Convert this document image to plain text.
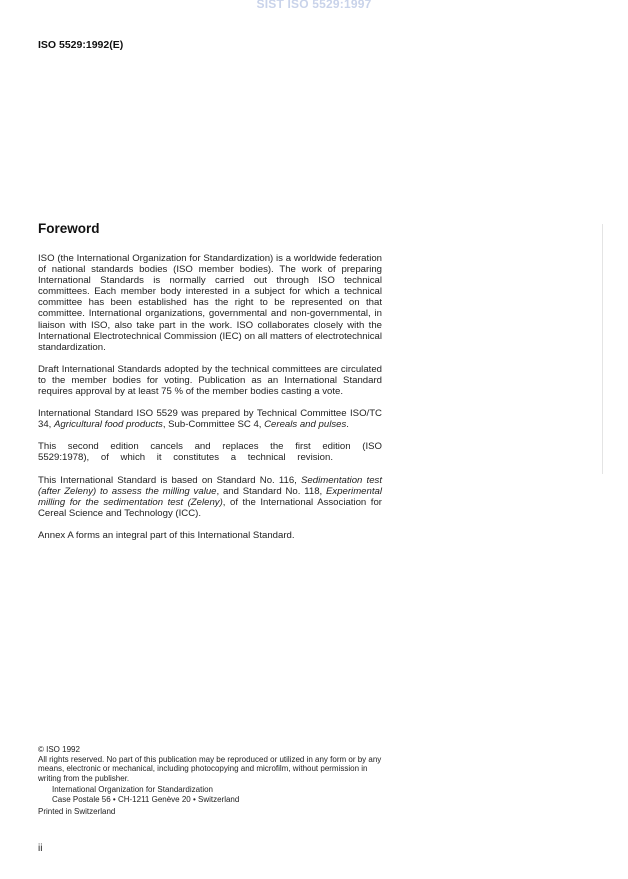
SIST ISO 5529:1997
ISO 5529:1992(E)
Foreword

ISO (the International Organization for Standardization) is a worldwide federation of national standards bodies (ISO member bodies). The work of preparing International Standards is normally carried out through ISO technical committees. Each member body interested in a subject for which a technical committee has been established has the right to be represented on that committee. International organizations, governmental and non-governmental, in liaison with ISO, also take part in the work. ISO collaborates closely with the International Electrotechnical Commission (IEC) on all matters of electrotechnical standardization.

Draft International Standards adopted by the technical committees are circulated to the member bodies for voting. Publication as an International Standard requires approval by at least 75 % of the member bodies casting a vote.

International Standard ISO 5529 was prepared by Technical Committee ISO/TC 34, Agricultural food products, Sub-Committee SC 4, Cereals and pulses.

This second edition cancels and replaces the first edition (ISO 5529:1978), of which it constitutes a technical revision.

This International Standard is based on Standard No. 116, Sedimentation test (after Zeleny) to assess the milling value, and Standard No. 118, Experimental milling for the sedimentation test (Zeleny), of the International Association for Cereal Science and Technology (ICC).

Annex A forms an integral part of this International Standard.

© ISO 1992

All rights reserved. No part of this publication may be reproduced or utilized in any form or by any means, electronic or mechanical, including photocopying and microfilm, without permission in writing from the publisher.

International Organization for Standardization

Case Postale 56 • CH-1211 Genève 20 • Switzerland

Printed in Switzerland

ii
